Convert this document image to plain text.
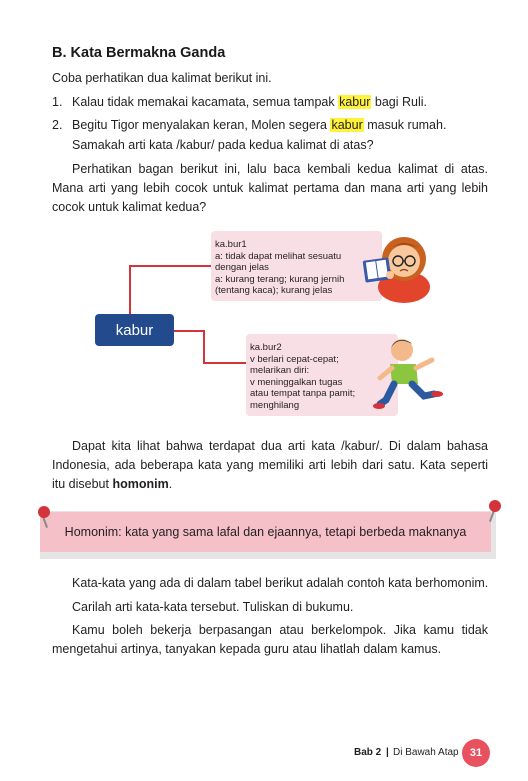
B. Kata Bermakna Ganda
Coba perhatikan dua kalimat berikut ini.
1. Kalau tidak memakai kacamata, semua tampak kabur bagi Ruli.
2. Begitu Tigor menyalakan keran, Molen segera kabur masuk rumah.
Samakah arti kata /kabur/ pada kedua kalimat di atas?
Perhatikan bagan berikut ini, lalu baca kembali kedua kalimat di atas. Mana arti yang lebih cocok untuk kalimat pertama dan mana arti yang lebih cocok untuk kalimat kedua?
kabur
ka.bur1
a: tidak dapat melihat sesuatu
dengan jelas
a: kurang terang; kurang jernih
(tentang kaca); kurang jelas
ka.bur2
v berlari cepat-cepat;
melarikan diri:
v meninggalkan tugas
atau tempat tanpa pamit;
menghilang
Dapat kita lihat bahwa terdapat dua arti kata /kabur/. Di dalam bahasa Indonesia, ada beberapa kata yang memiliki arti lebih dari satu. Kata seperti itu disebut homonim.
Homonim: kata yang sama lafal dan ejaannya, tetapi berbeda maknanya
Kata-kata yang ada di dalam tabel berikut adalah contoh kata berhomonim.
Carilah arti kata-kata tersebut. Tuliskan di bukumu.
Kamu boleh bekerja berpasangan atau berkelompok. Jika kamu tidak mengetahui artinya, tanyakan kepada guru atau lihatlah dalam kamus.
Bab 2 | Di Bawah Atap 31
